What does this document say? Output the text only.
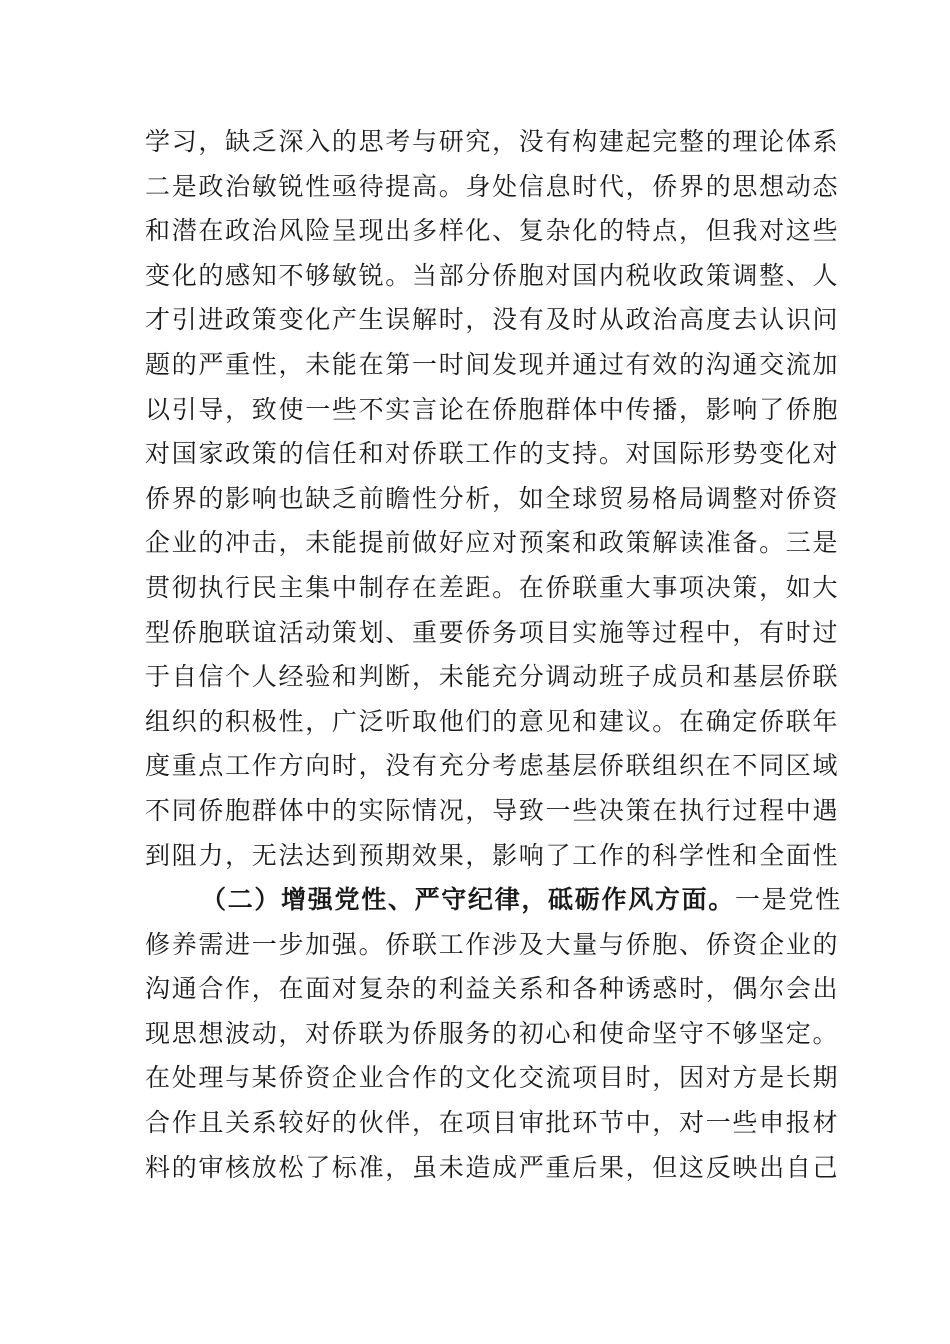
学习，缺乏深入的思考与研究，没有构建起完整的理论体系
二是政治敏锐性亟待提高。身处信息时代，侨界的思想动态
和潜在政治风险呈现出多样化、复杂化的特点，但我对这些
变化的感知不够敏锐。当部分侨胞对国内税收政策调整、人
才引进政策变化产生误解时，没有及时从政治高度去认识问
题的严重性，未能在第一时间发现并通过有效的沟通交流加
以引导，致使一些不实言论在侨胞群体中传播，影响了侨胞
对国家政策的信任和对侨联工作的支持。对国际形势变化对
侨界的影响也缺乏前瞻性分析，如全球贸易格局调整对侨资
企业的冲击，未能提前做好应对预案和政策解读准备。三是
贯彻执行民主集中制存在差距。在侨联重大事项决策，如大
型侨胞联谊活动策划、重要侨务项目实施等过程中，有时过
于自信个人经验和判断，未能充分调动班子成员和基层侨联
组织的积极性，广泛听取他们的意见和建议。在确定侨联年
度重点工作方向时，没有充分考虑基层侨联组织在不同区域
不同侨胞群体中的实际情况，导致一些决策在执行过程中遇
到阻力，无法达到预期效果，影响了工作的科学性和全面性
（二）增强党性、严守纪律，砥砺作风方面。一是党性
修养需进一步加强。侨联工作涉及大量与侨胞、侨资企业的
沟通合作，在面对复杂的利益关系和各种诱惑时，偶尔会出
现思想波动，对侨联为侨服务的初心和使命坚守不够坚定。
在处理与某侨资企业合作的文化交流项目时，因对方是长期
合作且关系较好的伙伴，在项目审批环节中，对一些申报材
料的审核放松了标准，虽未造成严重后果，但这反映出自己
